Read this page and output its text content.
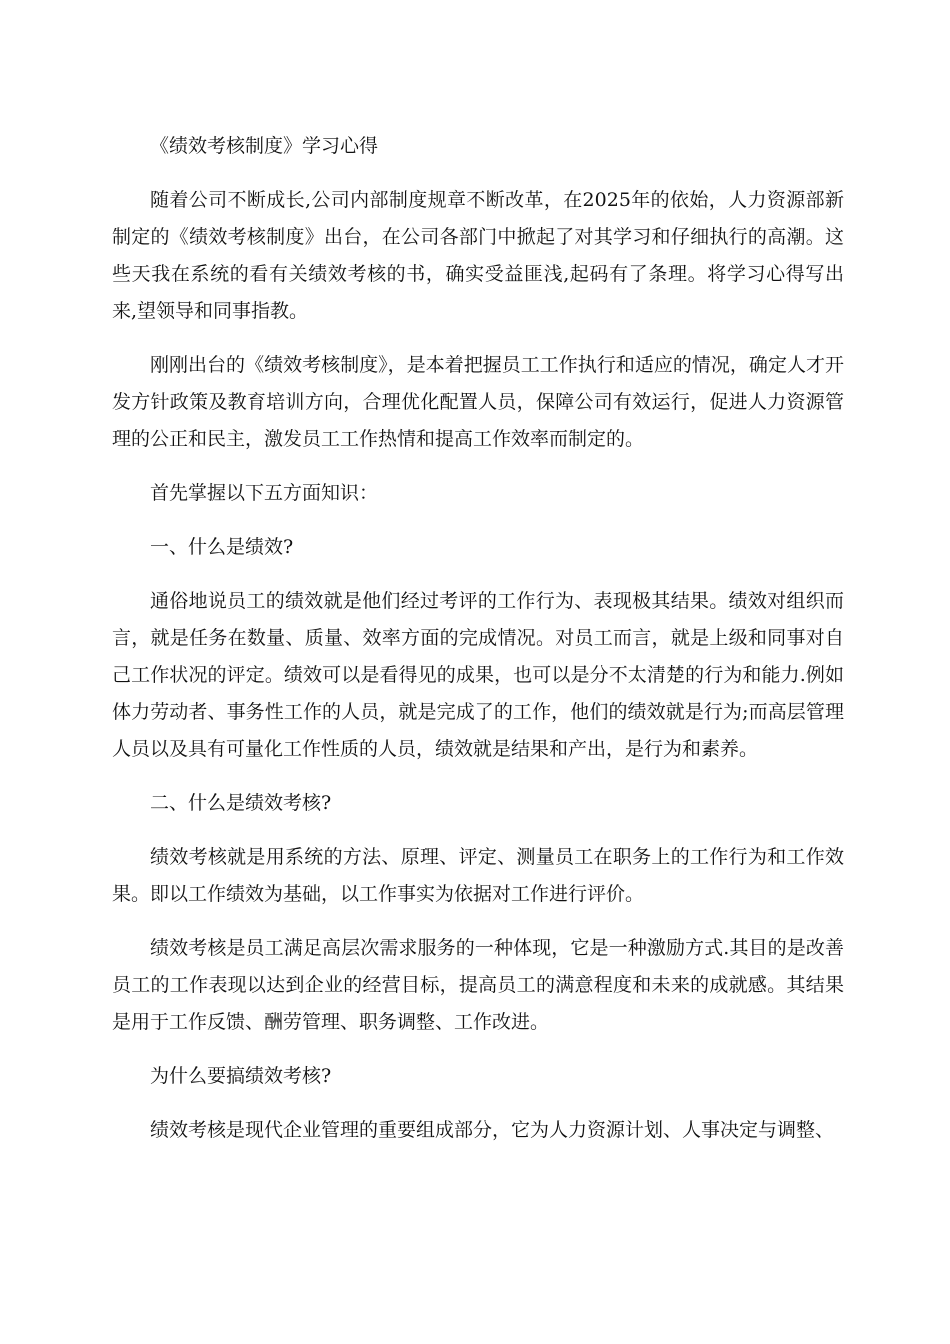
《绩效考核制度》学习心得

随着公司不断成长,公司内部制度规章不断改革，在2025年的依始，人力资源部新制定的《绩效考核制度》出台，在公司各部门中掀起了对其学习和仔细执行的高潮。这些天我在系统的看有关绩效考核的书，确实受益匪浅,起码有了条理。将学习心得写出来,望领导和同事指教。

刚刚出台的《绩效考核制度》，是本着把握员工工作执行和适应的情况，确定人才开发方针政策及教育培训方向，合理优化配置人员，保障公司有效运行，促进人力资源管理的公正和民主，激发员工工作热情和提高工作效率而制定的。

首先掌握以下五方面知识：

一、什么是绩效?

通俗地说员工的绩效就是他们经过考评的工作行为、表现极其结果。绩效对组织而言，就是任务在数量、质量、效率方面的完成情况。对员工而言，就是上级和同事对自己工作状况的评定。绩效可以是看得见的成果，也可以是分不太清楚的行为和能力.例如体力劳动者、事务性工作的人员，就是完成了的工作，他们的绩效就是行为;而高层管理人员以及具有可量化工作性质的人员，绩效就是结果和产出，是行为和素养。

二、什么是绩效考核?

绩效考核就是用系统的方法、原理、评定、测量员工在职务上的工作行为和工作效果。即以工作绩效为基础，以工作事实为依据对工作进行评价。

绩效考核是员工满足高层次需求服务的一种体现，它是一种激励方式.其目的是改善员工的工作表现以达到企业的经营目标，提高员工的满意程度和未来的成就感。其结果是用于工作反馈、酬劳管理、职务调整、工作改进。

为什么要搞绩效考核?

绩效考核是现代企业管理的重要组成部分，它为人力资源计划、人事决定与调整、
